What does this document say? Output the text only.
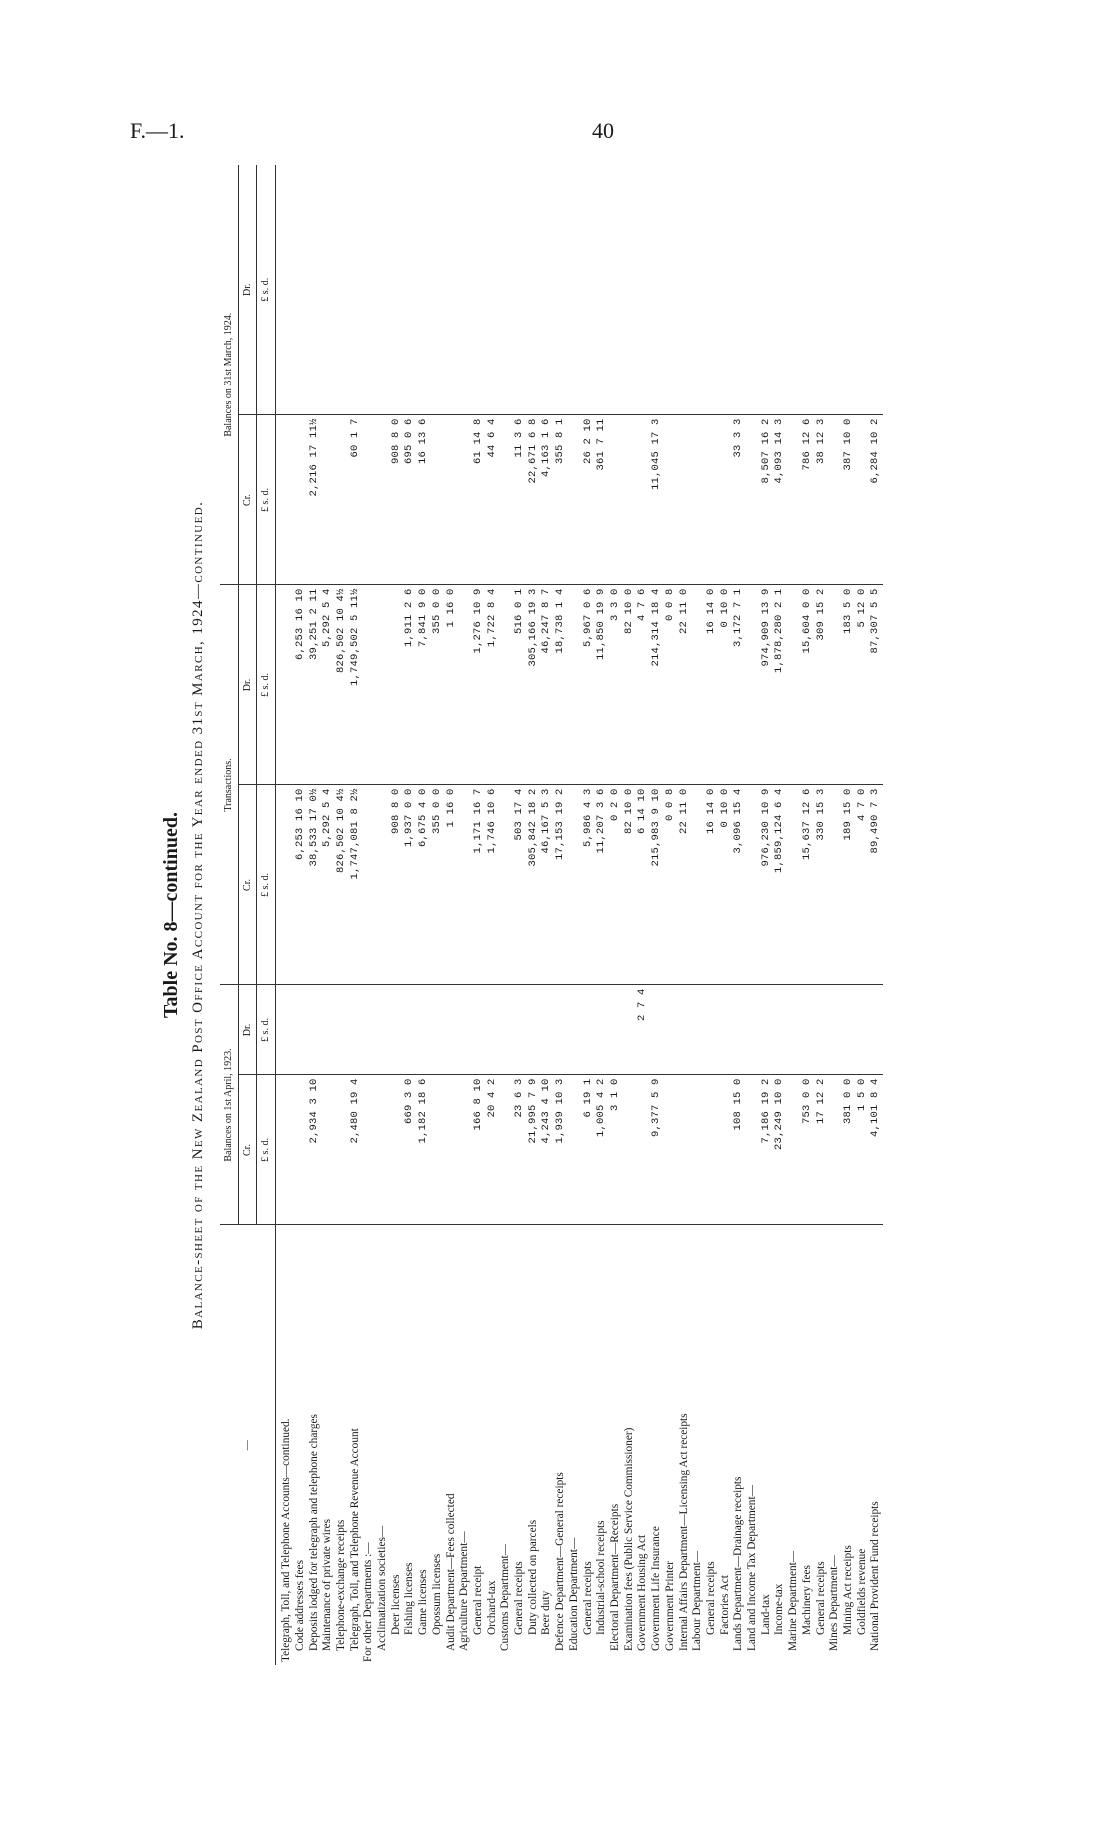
F.—1.	40
Table No. 8—continued. Balance-sheet of the New Zealand Post Office Account for the Year ended 31st March, 1924—continued.
—	Balances on 1st April, 1923.		Transactions.		Balances on 31st March, 1924.	
	Cr.	Dr.	Cr.	Dr.	Cr.	Dr.
	£ s. d.	£ s. d.	£ s. d.	£ s. d.	£ s. d.	£ s. d.
Telegraph, Toll, and Telephone Accounts—continued.						
Code addresses fees			6,253 16 10	6,253 16 10		
Deposits lodged for telegraph and telephone charges	2,934 3 10		38,533 17 0½	39,251 2 11	2,216 17 11½	
Maintenance of private wires			5,292 5 4	5,292 5 4		
Telephone-exchange receipts			826,502 10 4½	826,502 10 4½		
Telegraph, Toll, and Telephone Revenue Account	2,480 19 4		1,747,081 8 2½	1,749,502 5 11½	60 1 7	
For other Departments :—						
Acclimatization societies—						
Deer licenses			908 8 0		908 8 0	
Fishing licenses	669 3 0		1,937 0 0	1,911 2 6	695 0 6	
Game licenses	1,182 18 6		6,675 4 0	7,841 9 0	16 13 6	
Opossum licenses			355 0 0	355 0 0		
Audit Department—Fees collected			1 16 0	1 16 0		
Agriculture Department—						
General receipt	166 8 10		1,171 16 7	1,276 10 9	61 14 8	
Orchard-tax	20 4 2		1,746 10 6	1,722 8 4	44 6 4	
Customs Department—						
General receipts	23 6 3		503 17 4	516 0 1	11 3 6	
Duty collected on parcels	21,995 7 9		305,842 18 2	305,166 19 3	22,671 6 8	
Beer duty	4,243 4 10		46,167 5 3	46,247 8 7	4,163 1 6	
Defence Department—General receipts	1,939 10 3		17,153 19 2	18,738 1 4	355 8 1	
Education Department—						
General receipts	6 19 1		5,986 4 3	5,967 0 6	26 2 10	
Industrial-school receipts	1,005 4 2		11,207 3 6	11,850 19 9	361 7 11	
Electoral Department—Receipts	3 1 0		0 2 0	3 3 0		
Examination fees (Public Service Commissioner)			82 10 0	82 10 0		
Government Housing Act		2 7 4	6 14 10	4 7 6		
Government Life Insurance	9,377 5 9		215,983 9 10	214,314 18 4	11,045 17 3	
Government Printer			0 0 8	0 0 8		
Internal Affairs Department—Licensing Act receipts			22 11 0	22 11 0		
Labour Department—						
General receipts			16 14 0	16 14 0		
Factories Act			0 10 0	0 10 0		
Lands Department—Drainage receipts	108 15 0		3,096 15 4	3,172 7 1	33 3 3	
Land and Income Tax Department—						
Land-tax	7,186 19 2		976,230 10 9	974,909 13 9	8,507 16 2	
Income-tax	23,249 10 0		1,859,124 6 4	1,878,280 2 1	4,093 14 3	
Marine Department—						
Machinery fees	753 0 0		15,637 12 6	15,604 0 0	786 12 6	
General receipts	17 12 2		330 15 3	309 15 2	38 12 3	
Mines Department—						
Mining Act receipts	381 0 0		189 15 0	183 5 0	387 10 0	
Goldfields revenue	1 5 0		4 7 0	5 12 0		
National Provident Fund receipts	4,101 8 4		89,490 7 3	87,307 5 5	6,284 10 2	
